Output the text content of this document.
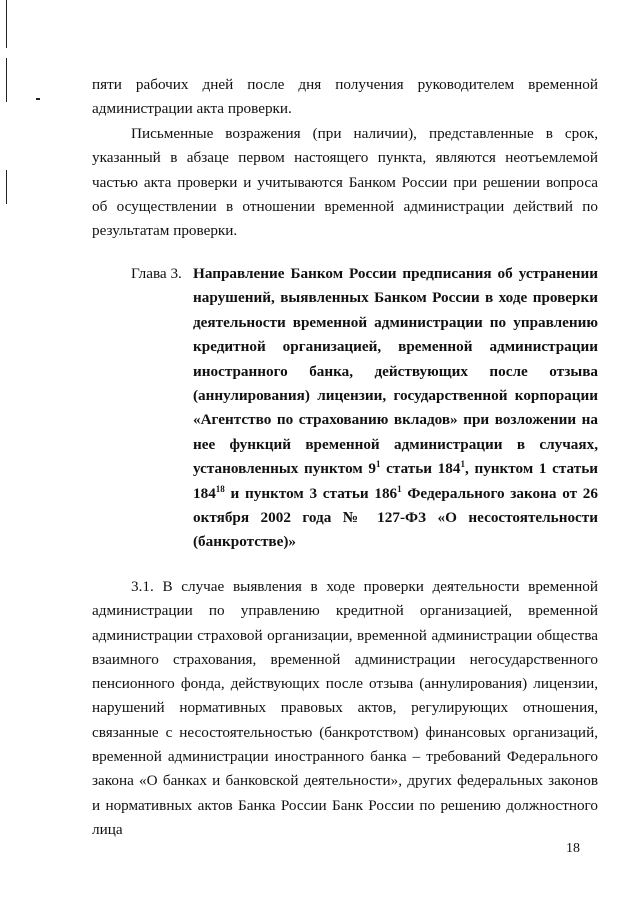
пяти рабочих дней после дня получения руководителем временной администрации акта проверки.

Письменные возражения (при наличии), представленные в срок, указанный в абзаце первом настоящего пункта, являются неотъемлемой частью акта проверки и учитываются Банком России при решении вопроса об осуществлении в отношении временной администрации действий по результатам проверки.

Глава 3. Направление Банком России предписания об устранении нарушений, выявленных Банком России в ходе проверки деятельности временной администрации по управлению кредитной организацией, временной администрации иностранного банка, действующих после отзыва (аннулирования) лицензии, государственной корпорации «Агентство по страхованию вкладов» при возложении на нее функций временной администрации в случаях, установленных пунктом $9^1$ статьи $184^1$, пунктом 1 статьи $184^{18}$ и пунктом 3 статьи $186^1$ Федерального закона от 26 октября 2002 года № 127-ФЗ «О несостоятельности (банкротстве)»

3.1. В случае выявления в ходе проверки деятельности временной администрации по управлению кредитной организацией, временной администрации страховой организации, временной администрации общества взаимного страхования, временной администрации негосударственного пенсионного фонда, действующих после отзыва (аннулирования) лицензии, нарушений нормативных правовых актов, регулирующих отношения, связанные с несостоятельностью (банкротством) финансовых организаций, временной администрации иностранного банка – требований Федерального закона «О банках и банковской деятельности», других федеральных законов и нормативных актов Банка России Банк России по решению должностного лица

18
